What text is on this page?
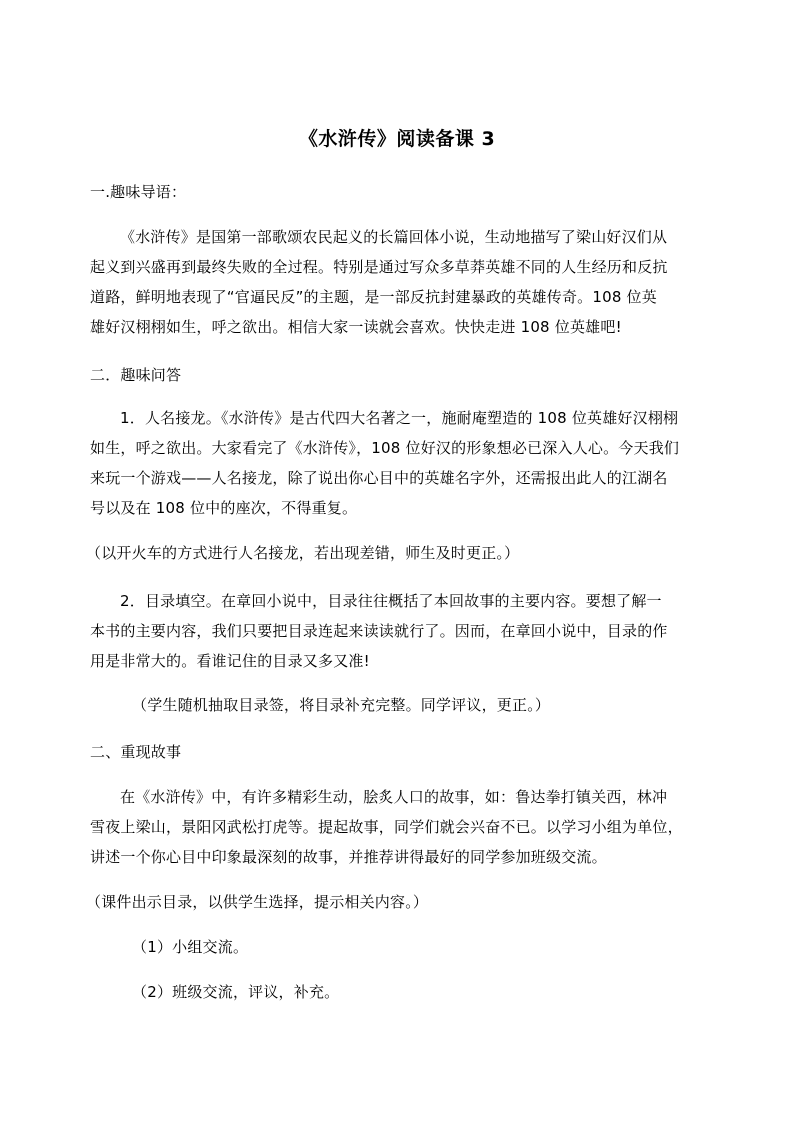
《水浒传》阅读备课 3
一.趣味导语：
《水浒传》是国第一部歌颂农民起义的长篇回体小说，生动地描写了梁山好汉们从
起义到兴盛再到最终失败的全过程。特别是通过写众多草莽英雄不同的人生经历和反抗
道路，鲜明地表现了“官逼民反”的主题，是一部反抗封建暴政的英雄传奇。108 位英
雄好汉栩栩如生，呼之欲出。相信大家一读就会喜欢。快快走进 108 位英雄吧!
二．趣味问答
1．人名接龙。《水浒传》是古代四大名著之一，施耐庵塑造的 108 位英雄好汉栩栩
如生，呼之欲出。大家看完了《水浒传》，108 位好汉的形象想必已深入人心。今天我们
来玩一个游戏——人名接龙，除了说出你心目中的英雄名字外，还需报出此人的江湖名
号以及在 108 位中的座次，不得重复。
（以开火车的方式进行人名接龙，若出现差错，师生及时更正。）
2．目录填空。在章回小说中，目录往往概括了本回故事的主要内容。要想了解一
本书的主要内容，我们只要把目录连起来读读就行了。因而，在章回小说中，目录的作
用是非常大的。看谁记住的目录又多又准!
（学生随机抽取目录签，将目录补充完整。同学评议，更正。）
二、重现故事
在《水浒传》中，有许多精彩生动，脍炙人口的故事，如：鲁达拳打镇关西，林冲
雪夜上梁山，景阳冈武松打虎等。提起故事，同学们就会兴奋不已。以学习小组为单位，
讲述一个你心目中印象最深刻的故事，并推荐讲得最好的同学参加班级交流。
（课件出示目录，以供学生选择，提示相关内容。）
（1）小组交流。
（2）班级交流，评议，补充。
